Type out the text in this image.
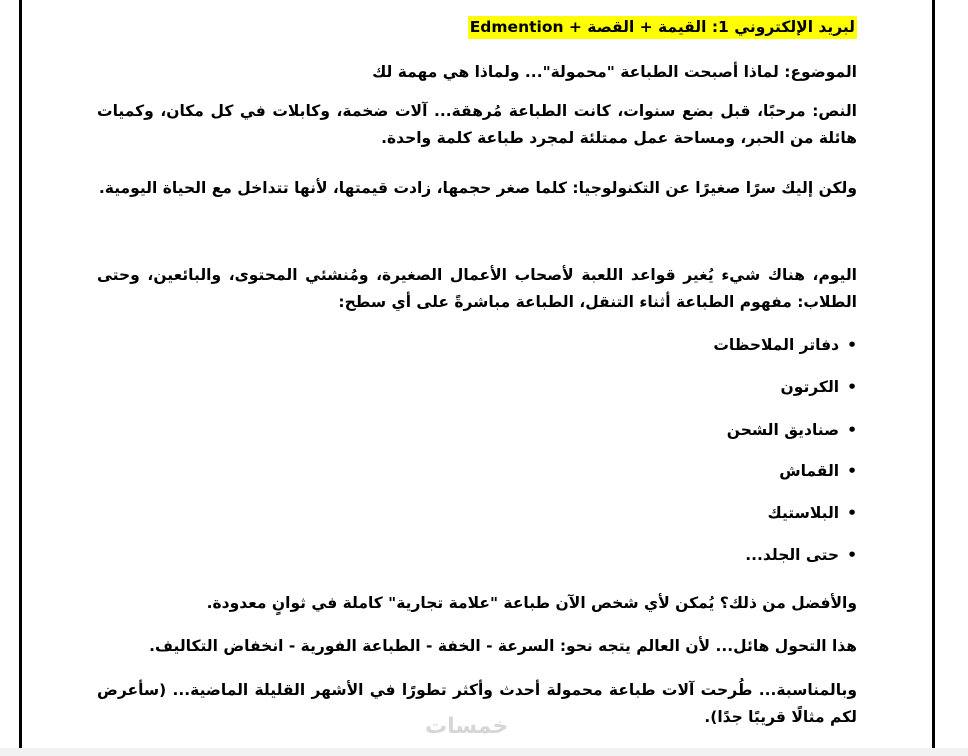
لبريد الإلكتروني 1: القيمة + القصة + Edmention
الموضوع: لماذا أصبحت الطباعة "محمولة"... ولماذا هي مهمة لك
النص: مرحبًا، قبل بضع سنوات، كانت الطباعة مُرهقة... آلات ضخمة، وكابلات في كل مكان، وكميات هائلة من الحبر، ومساحة عمل ممتلئة لمجرد طباعة كلمة واحدة.
ولكن إليك سرًا صغيرًا عن التكنولوجيا: كلما صغر حجمها، زادت قيمتها، لأنها تتداخل مع الحياة اليومية.
اليوم، هناك شيء يُغير قواعد اللعبة لأصحاب الأعمال الصغيرة، ومُنشئي المحتوى، والبائعين، وحتى الطلاب: مفهوم الطباعة أثناء التنقل، الطباعة مباشرةً على أي سطح:
•دفاتر الملاحظات
•الكرتون
•صناديق الشحن
•القماش
•البلاستيك
•حتى الجلد...
والأفضل من ذلك؟ يُمكن لأي شخص الآن طباعة "علامة تجارية" كاملة في ثوانٍ معدودة.
هذا التحول هائل... لأن العالم يتجه نحو: السرعة - الخفة - الطباعة الفورية - انخفاض التكاليف.
وبالمناسبة... طُرحت آلات طباعة محمولة أحدث وأكثر تطورًا في الأشهر القليلة الماضية... (سأعرض لكم مثالًا قريبًا جدًا).
خمسات
